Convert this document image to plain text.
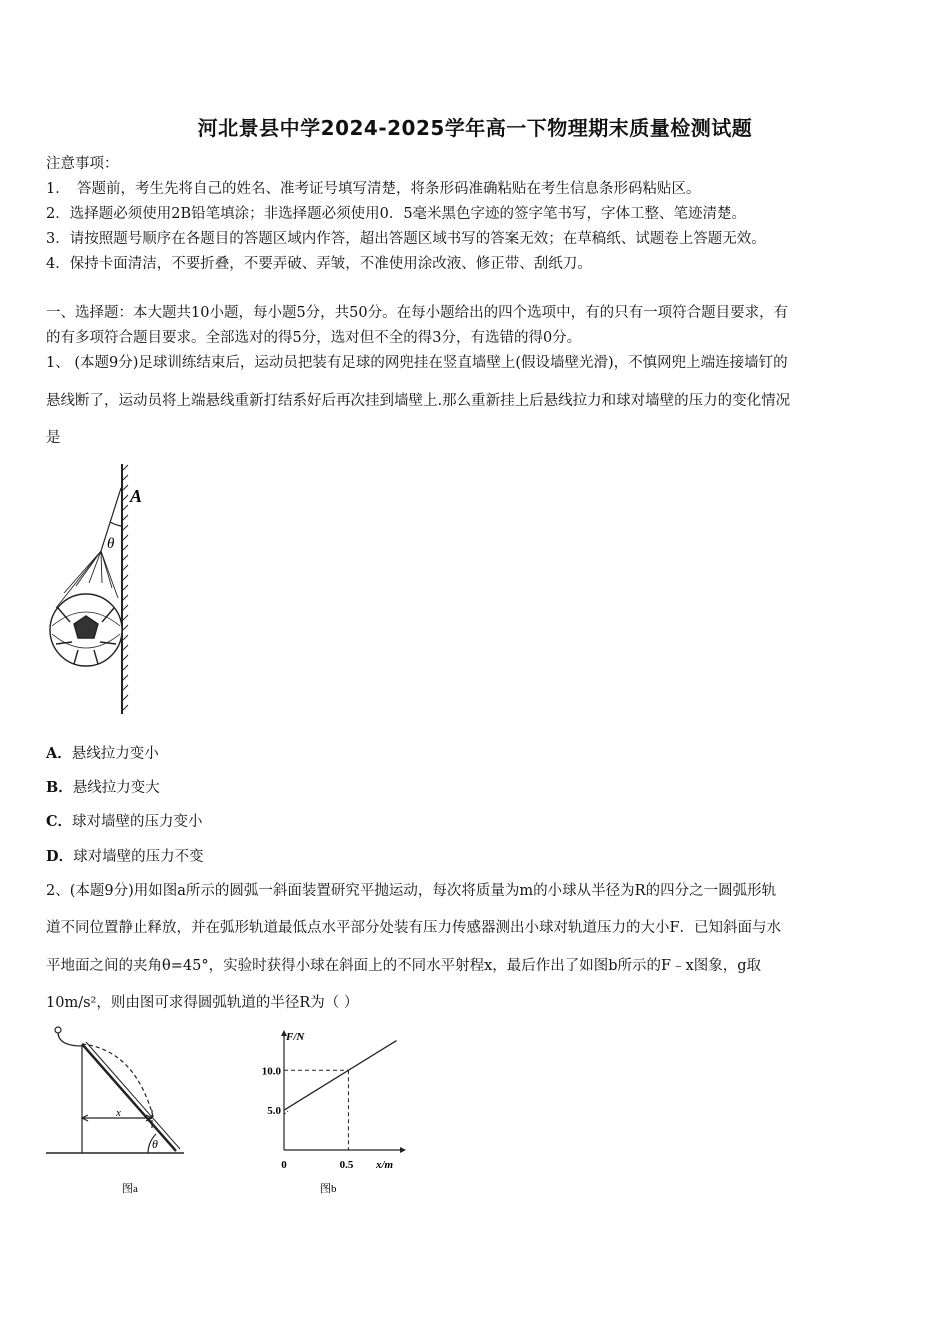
河北景县中学2024-2025学年高一下物理期末质量检测试题
注意事项：
1．　答题前，考生先将自己的姓名、准考证号填写清楚，将条形码准确粘贴在考生信息条形码粘贴区。
2．选择题必须使用2B铅笔填涂；非选择题必须使用0．5毫米黑色字迹的签字笔书写，字体工整、笔迹清楚。
3．请按照题号顺序在各题目的答题区域内作答，超出答题区域书写的答案无效；在草稿纸、试题卷上答题无效。
4．保持卡面清洁，不要折叠，不要弄破、弄皱，不准使用涂改液、修正带、刮纸刀。
一、选择题：本大题共10小题，每小题5分，共50分。在每小题给出的四个选项中，有的只有一项符合题目要求，有
的有多项符合题目要求。全部选对的得5分，选对但不全的得3分，有选错的得0分。
1、 (本题9分)足球训练结束后，运动员把装有足球的网兜挂在竖直墙壁上(假设墙壁光滑)，不慎网兜上端连接墙钉的
悬线断了，运动员将上端悬线重新打结系好后再次挂到墙壁上.那么重新挂上后悬线拉力和球对墙壁的压力的变化情况
是
A
θ
A．悬线拉力变小
B．悬线拉力变大
C．球对墙壁的压力变小
D．球对墙壁的压力不变
2、(本题9分)用如图a所示的圆弧一斜面装置研究平抛运动，每次将质量为m的小球从半径为R的四分之一圆弧形轨
道不同位置静止释放，并在弧形轨道最低点水平部分处装有压力传感器测出小球对轨道压力的大小F．已知斜面与水
平地面之间的夹角θ=45°，实验时获得小球在斜面上的不同水平射程x，最后作出了如图b所示的F﹣x图象，g取
10m/s²，则由图可求得圆弧轨道的半径R为（ ）
x
θ
图a
F/N
x/m
5.0
10.0
0	0.5
图b
